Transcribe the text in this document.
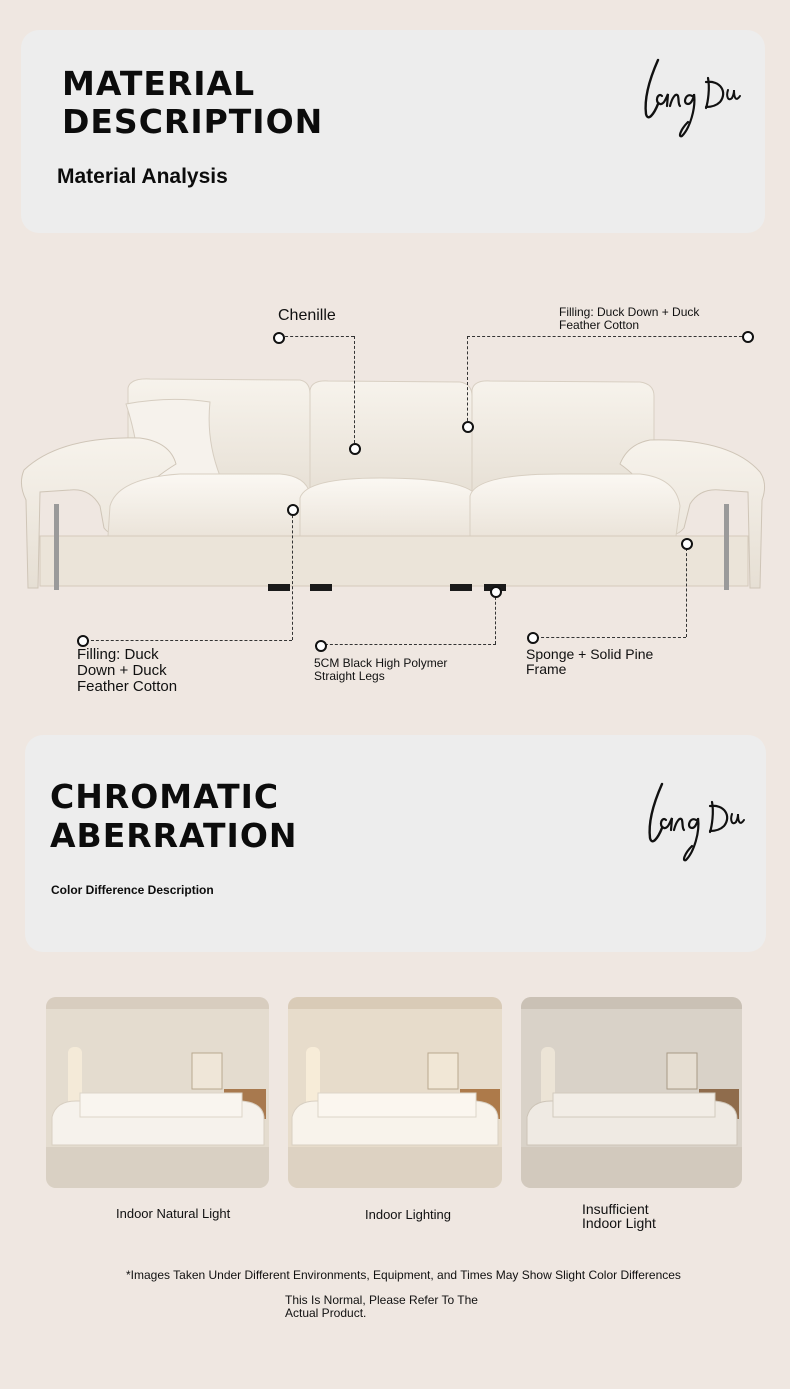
MATERIAL
DESCRIPTION
Material Analysis
Chenille	Filling: Duck Down + Duck Feather Cotton
Filling: Duck Down + Duck Feather Cotton
5CM Black High Polymer Straight Legs
Sponge + Solid Pine Frame
CHROMATIC
ABERRATION
Color Difference Description
Indoor Natural Light	Indoor Lighting	Insufficient Indoor Light
*Images Taken Under Different Environments, Equipment, and Times May Show Slight Color Differences
This Is Normal, Please Refer To The Actual Product.
